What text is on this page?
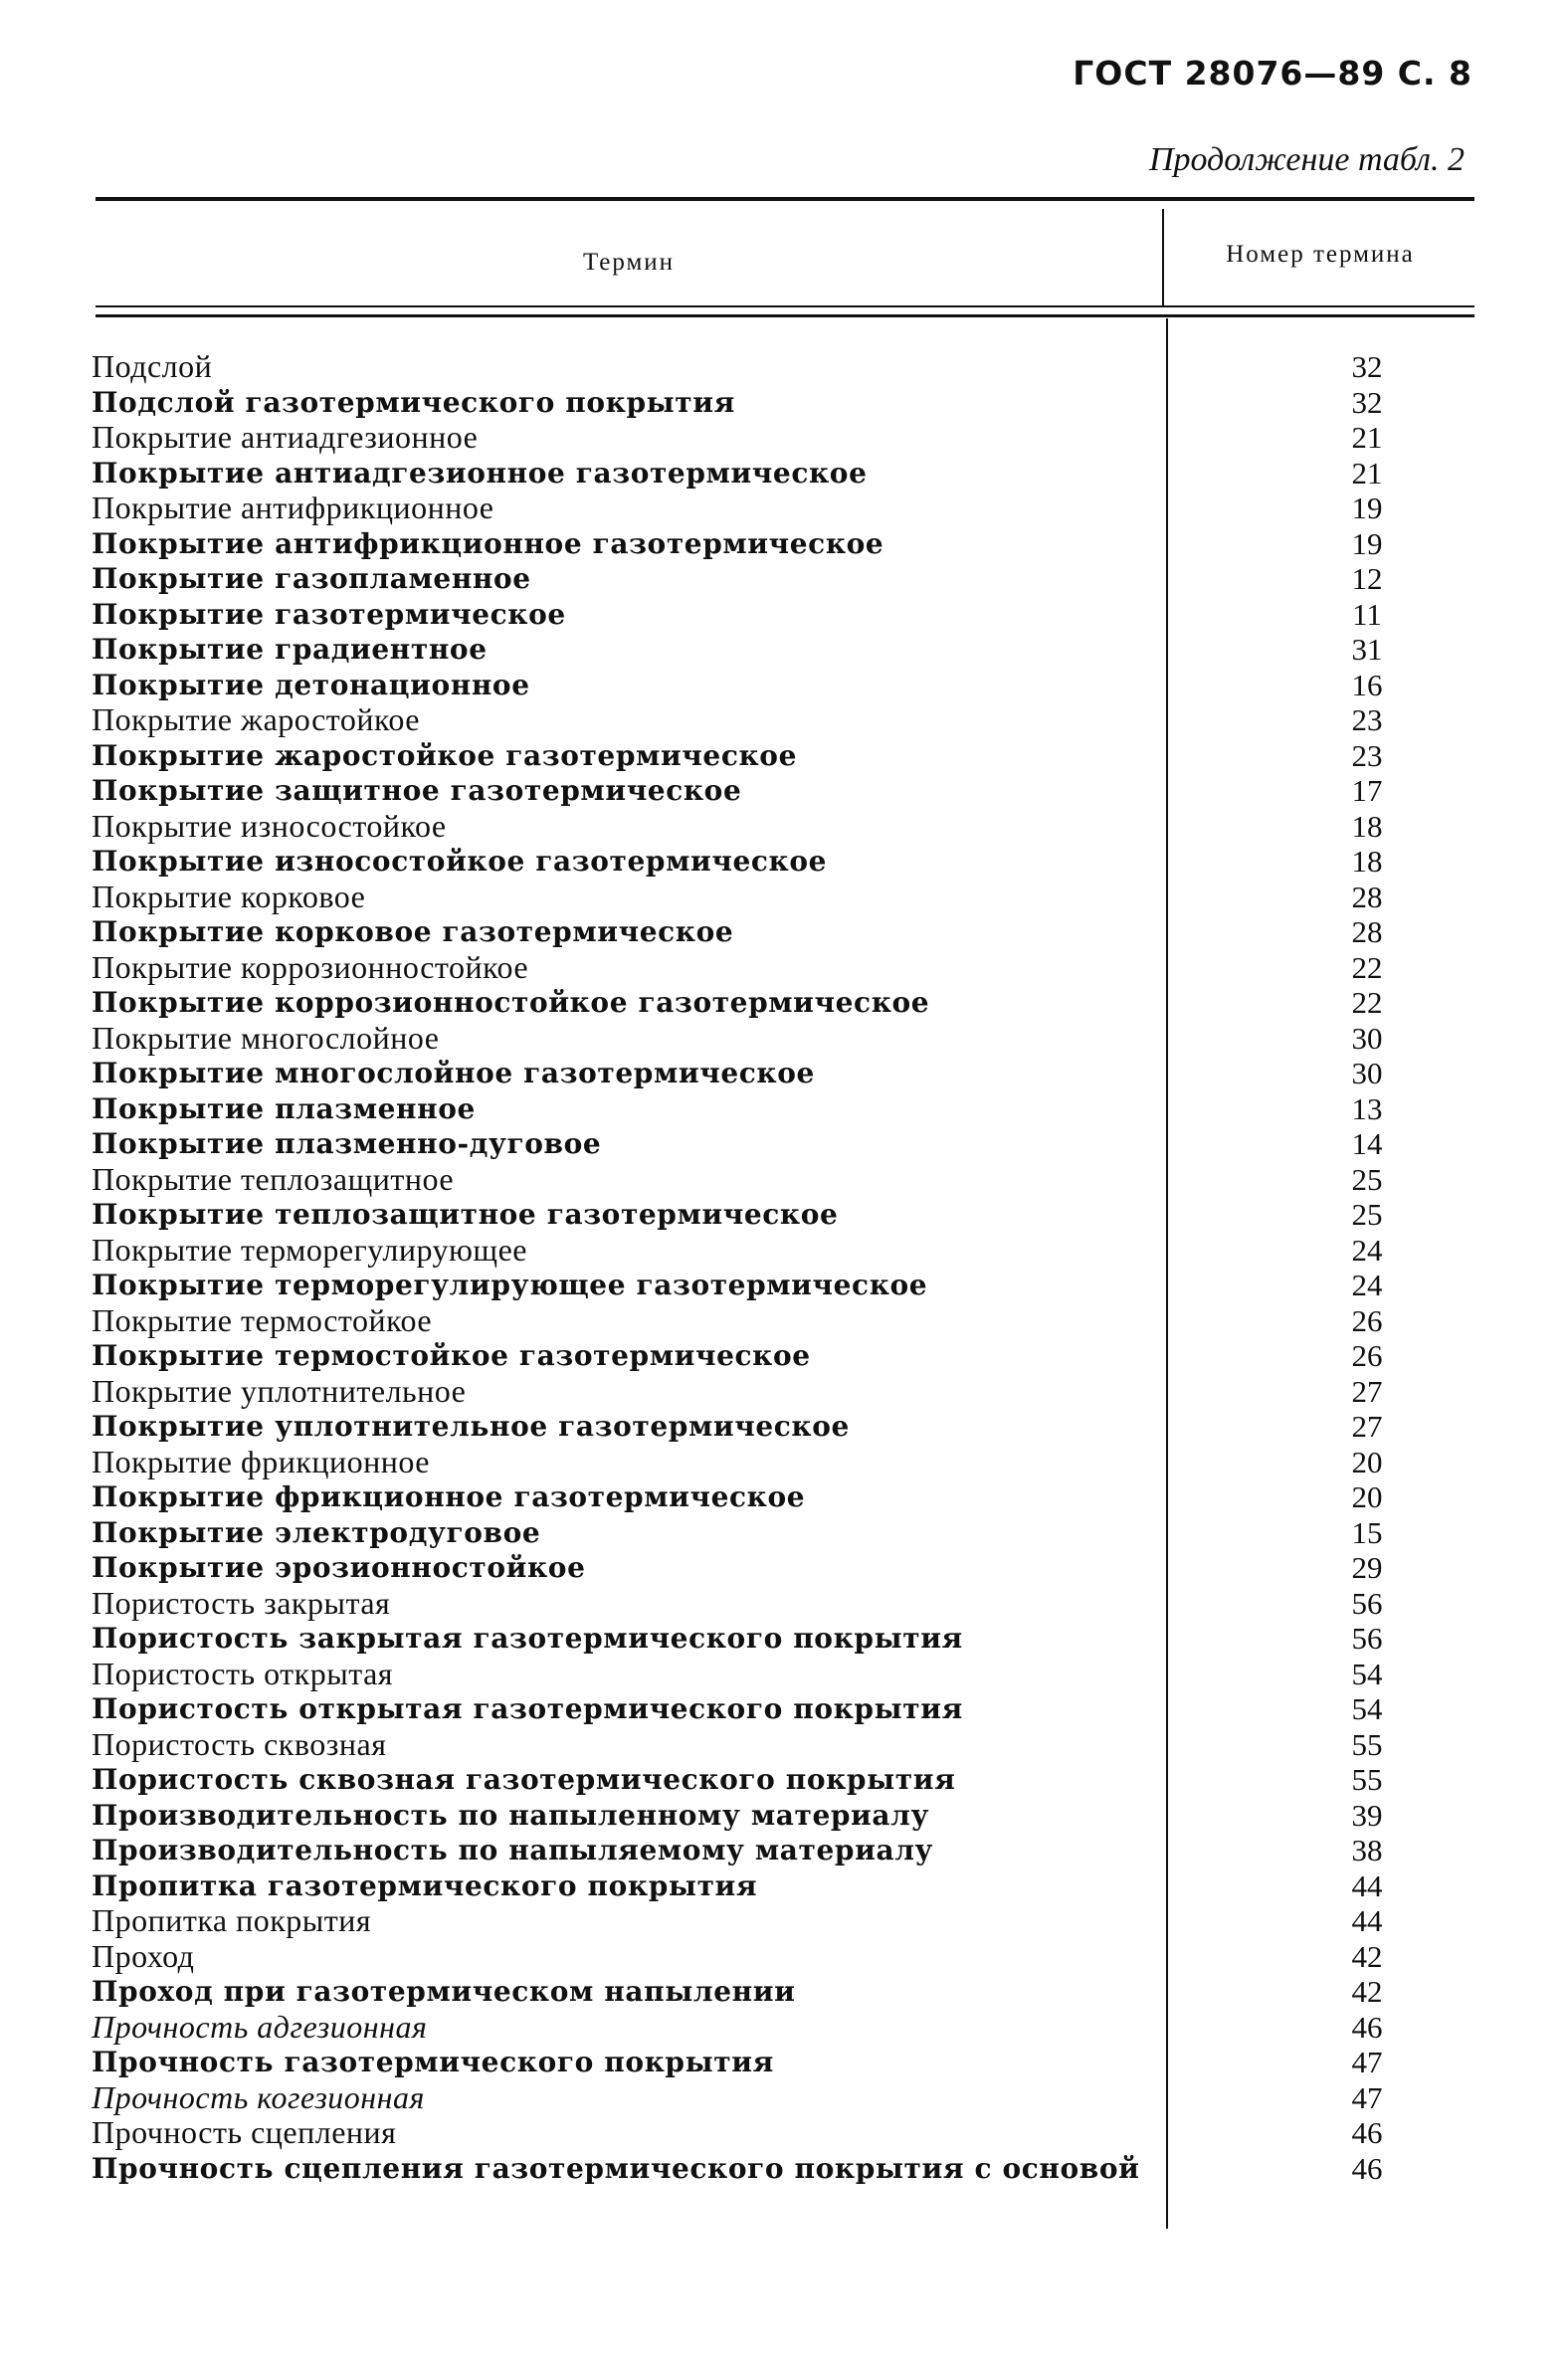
ГОСТ 28076—89 С. 8
Продолжение табл. 2
Термин	Номер термина
Подслой	32
Подслой газотермического покрытия	32
Покрытие антиадгезионное	21
Покрытие антиадгезионное газотермическое	21
Покрытие антифрикционное	19
Покрытие антифрикционное газотермическое	19
Покрытие газопламенное	12
Покрытие газотермическое	11
Покрытие градиентное	31
Покрытие детонационное	16
Покрытие жаростойкое	23
Покрытие жаростойкое газотермическое	23
Покрытие защитное газотермическое	17
Покрытие износостойкое	18
Покрытие износостойкое газотермическое	18
Покрытие корковое	28
Покрытие корковое газотермическое	28
Покрытие коррозионностойкое	22
Покрытие коррозионностойкое газотермическое	22
Покрытие многослойное	30
Покрытие многослойное газотермическое	30
Покрытие плазменное	13
Покрытие плазменно-дуговое	14
Покрытие теплозащитное	25
Покрытие теплозащитное газотермическое	25
Покрытие терморегулирующее	24
Покрытие терморегулирующее газотермическое	24
Покрытие термостойкое	26
Покрытие термостойкое газотермическое	26
Покрытие уплотнительное	27
Покрытие уплотнительное газотермическое	27
Покрытие фрикционное	20
Покрытие фрикционное газотермическое	20
Покрытие электродуговое	15
Покрытие эрозионностойкое	29
Пористость закрытая	56
Пористость закрытая газотермического покрытия	56
Пористость открытая	54
Пористость открытая газотермического покрытия	54
Пористость сквозная	55
Пористость сквозная газотермического покрытия	55
Производительность по напыленному материалу	39
Производительность по напыляемому материалу	38
Пропитка газотермического покрытия	44
Пропитка покрытия	44
Проход	42
Проход при газотермическом напылении	42
Прочность адгезионная	46
Прочность газотермического покрытия	47
Прочность когезионная	47
Прочность сцепления	46
Прочность сцепления газотермического покрытия с основой	46
